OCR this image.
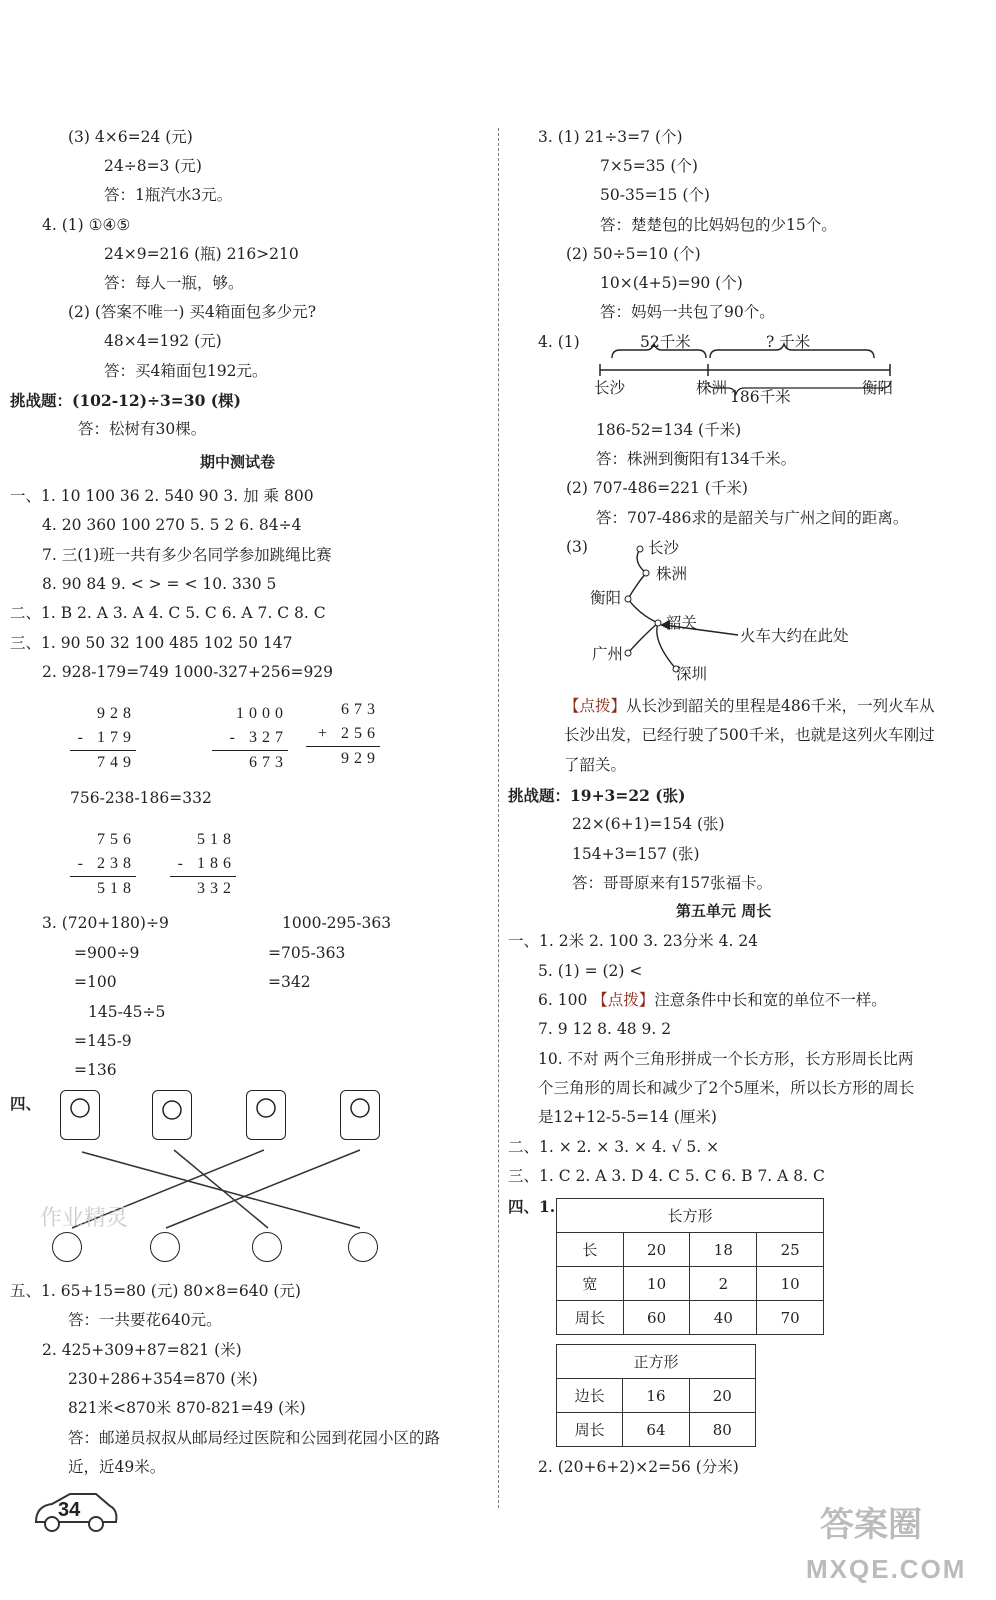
(3) 4×6=24 (元)
24÷8=3 (元)
答：1瓶汽水3元。
4. (1) ①④⑤
24×9=216 (瓶) 216>210
答：每人一瓶，够。
(2) (答案不唯一) 买4箱面包多少元?
48×4=192 (元)
答：买4箱面包192元。
挑战题：(102-12)÷3=30 (棵)
答：松树有30棵。
期中测试卷
一、1. 10 100 36 2. 540 90 3. 加 乘 800
4. 20 360 100 270 5. 5 2 6. 84÷4
7. 三(1)班一共有多少名同学参加跳绳比赛
8. 90 84 9. < > = < 10. 330 5
二、1. B 2. A 3. A 4. C 5. C 6. A 7. C 8. C
三、1. 90 50 32 100 485 102 50 147
2. 928-179=749 1000-327+256=929
928
- 179
749
1000
- 327
673
673
+ 256
929
756-238-186=332
756
- 238
518
518
- 186
332
3. (720+180)÷9	1000-295-363
=900÷9	=705-363
=100	=342
145-45÷5
=145-9
=136
四、
作业精灵
五、1. 65+15=80 (元) 80×8=640 (元)
答：一共要花640元。
2. 425+309+87=821 (米)
230+286+354=870 (米)
821米<870米 870-821=49 (米)
答：邮递员叔叔从邮局经过医院和公园到花园小区的路
近，近49米。
34
3. (1) 21÷3=7 (个)
7×5=35 (个)
50-35=15 (个)
答：楚楚包的比妈妈包的少15个。
(2) 50÷5=10 (个)
10×(4+5)=90 (个)
答：妈妈一共包了90个。
4. (1)	52千米	? 千米
长沙	株洲 186千米	衡阳
186-52=134 (千米)
答：株洲到衡阳有134千米。
(2) 707-486=221 (千米)
答：707-486求的是韶关与广州之间的距离。
(3)	长沙
株洲
衡阳
韶关
火车大约在此处
广州
深圳
【点拨】从长沙到韶关的里程是486千米，一列火车从
长沙出发，已经行驶了500千米，也就是这列火车刚过
了韶关。
挑战题：19+3=22 (张)
22×(6+1)=154 (张)
154+3=157 (张)
答：哥哥原来有157张福卡。
第五单元 周长
一、1. 2米 2. 100 3. 23分米 4. 24
5. (1) = (2) <
6. 100 【点拨】注意条件中长和宽的单位不一样。
7. 9 12 8. 48 9. 2
10. 不对 两个三角形拼成一个长方形，长方形周长比两
个三角形的周长和减少了2个5厘米，所以长方形的周长
是12+12-5-5=14 (厘米)
二、1. × 2. × 3. × 4. √ 5. ×
三、1. C 2. A 3. D 4. C 5. C 6. B 7. A 8. C
四、1.	长方形			
长	20	18	25
宽	10	2	10
周长	60	40	70
正方形		
边长	16	20
周长	64	80
2. (20+6+2)×2=56 (分米)
答案圈
MXQE.COM
